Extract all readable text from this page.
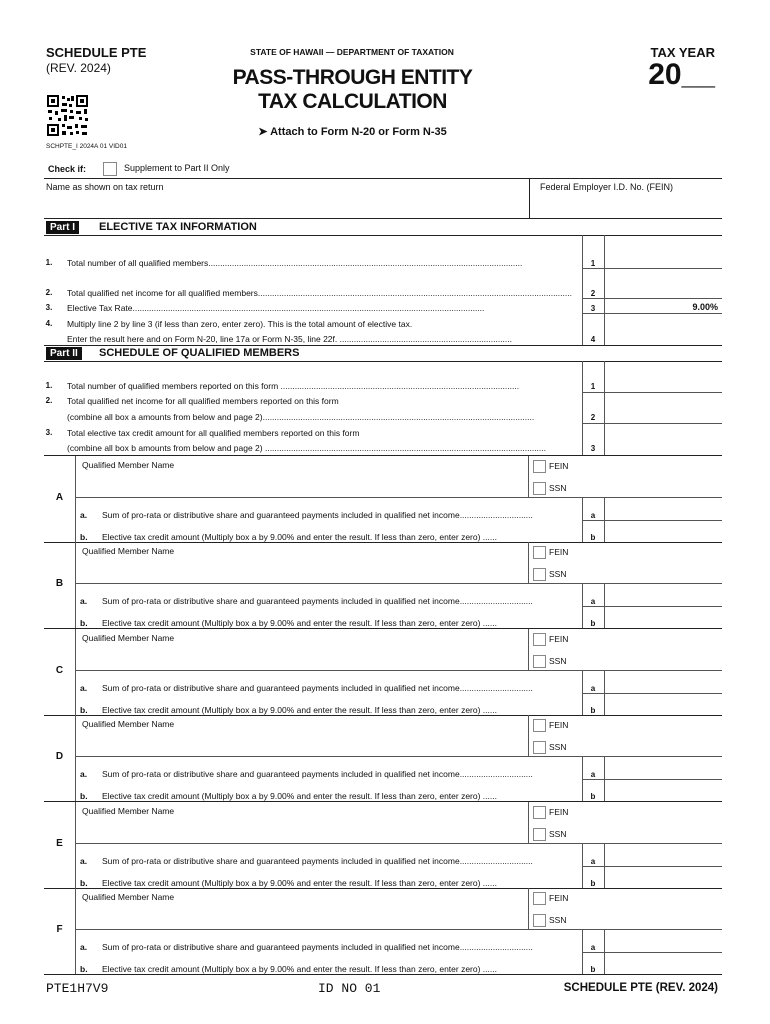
SCHEDULE PTE
(REV. 2024)
SCHPTE_I 2024A 01 VID01
STATE OF HAWAII — DEPARTMENT OF TAXATION
PASS-THROUGH ENTITY
TAX CALCULATION
➤ Attach to Form N-20 or Form N-35
TAX YEAR
20__
Check if:	Supplement to Part II Only
Name as shown on tax return	Federal Employer I.D. No. (FEIN)
Part I	ELECTIVE TAX INFORMATION
1.	Total number of all qualified members.....................................................................................................................................	1
2.	Total qualified net income for all qualified members.....................................................................................................................................	2
3.	Elective Tax Rate.....................................................................................................................................................	3	9.00%
4.	Multiply line 2 by line 3 (if less than zero, enter zero). This is the total amount of elective tax.
Enter the result here and on Form N-20, line 17a or Form N-35, line 22f. .........................................................................	4
Part II	SCHEDULE OF QUALIFIED MEMBERS
1.	Total number of qualified members reported on this form .....................................................................................................	1
2.	Total qualified net income for all qualified members reported on this form
(combine all box a amounts from below and page 2)...................................................................................................................	2
3.	Total elective tax credit amount for all qualified members reported on this form
(combine all box b amounts from below and page 2) .......................................................................................................................	3
A
Qualified Member Name	FEIN
SSN
a. Sum of pro-rata or distributive share and guaranteed payments included in qualified net income...............................	a
b. Elective tax credit amount (Multiply box a by 9.00% and enter the result. If less than zero, enter zero) ......	b
B
Qualified Member Name	FEIN
SSN
a. Sum of pro-rata or distributive share and guaranteed payments included in qualified net income...............................	a
b. Elective tax credit amount (Multiply box a by 9.00% and enter the result. If less than zero, enter zero) ......	b
C
Qualified Member Name	FEIN
SSN
a. Sum of pro-rata or distributive share and guaranteed payments included in qualified net income...............................	a
b. Elective tax credit amount (Multiply box a by 9.00% and enter the result. If less than zero, enter zero) ......	b
D
Qualified Member Name	FEIN
SSN
a. Sum of pro-rata or distributive share and guaranteed payments included in qualified net income...............................	a
b. Elective tax credit amount (Multiply box a by 9.00% and enter the result. If less than zero, enter zero) ......	b
E
Qualified Member Name	FEIN
SSN
a. Sum of pro-rata or distributive share and guaranteed payments included in qualified net income...............................	a
b. Elective tax credit amount (Multiply box a by 9.00% and enter the result. If less than zero, enter zero) ......	b
F
Qualified Member Name	FEIN
SSN
a. Sum of pro-rata or distributive share and guaranteed payments included in qualified net income...............................	a
b. Elective tax credit amount (Multiply box a by 9.00% and enter the result. If less than zero, enter zero) ......	b
PTE1H7V9	ID NO 01	SCHEDULE PTE (REV. 2024)
